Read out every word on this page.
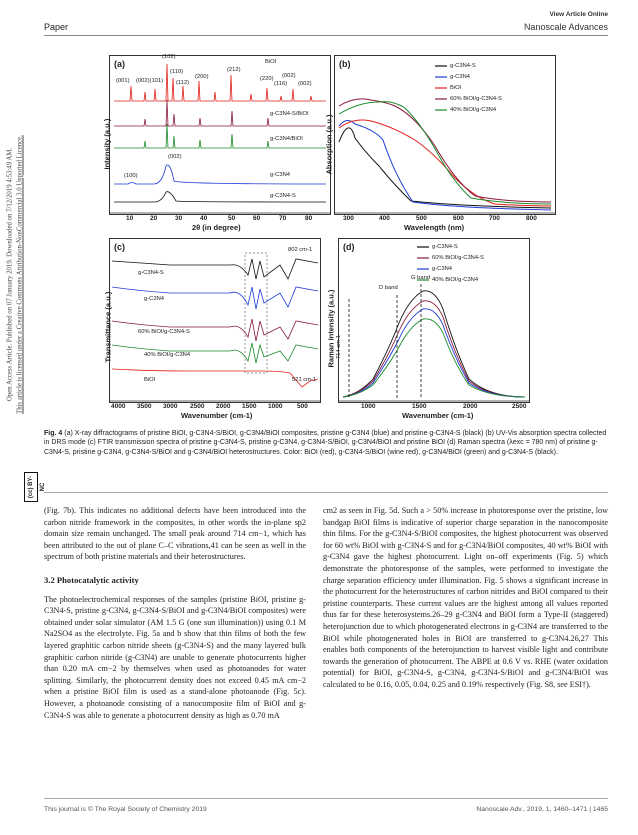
Paper
View Article Online
Nanoscale Advances
Open Access Article. Published on 07 January 2019. Downloaded on 7/12/2019 4:53:49 AM. This article is licensed under a Creative Commons Attribution-NonCommercial 3.0 Unported Licence.
(cc) BY-NC
(a)
(001) (002)(101)
(102)
(110)
(112)
(200)
(212)
(220) (002)
(116) (002)
BiOI
g-C3N4-S/BiOI
g-C3N4/BiOI
(002)
(100)	g-C3N4
g-C3N4-S
10	20	30	40	50	60	70	80
2θ (in degree)
Intensity (a.u.)
(b)	g-C3N4-S
g-C3N4
BiOI
60% BiOI/g-C3N4-S
40% BiOI/g-C3N4
300	400	500	600	700	800
Wavelength (nm)
Absorption (a.u.)
(c)
g-C3N4-S
g-C3N4
60% BiOI/g-C3N4-S
40% BiOI/g-C3N4
BiOI
802 cm-1
521 cm-1
4000 3500 3000 2500 2000 1500 1000 500
Wavenumber (cm-1)
Transmittance (a.u.)
(d)	g-C3N4-S
60% BiOI/g-C3N4-S
g-C3N4
40% BiOI/g-C3N4
D band
G band
714 cm-1
1000	1500	2000	2500
Wavenumber (cm-1)
Raman Intensity (a.u.)
Fig. 4 (a) X-ray diffractograms of pristine BiOI, g-C3N4-S/BiOI, g-C3N4/BiOI composites, pristine g-C3N4 (blue) and pristine g-C3N4-S (black) (b) UV-Vis absorption spectra collected in DRS mode (c) FTIR transmission spectra of pristine g-C3N4-S, pristine g-C3N4, g-C3N4-S/BiOI, g-C3N4/BiOI and pristine BiOI (d) Raman spectra (λexc = 780 nm) of pristine g-C3N4-S, pristine g-C3N4, g-C3N4-S/BiOI and g-C3N4/BiOI heterostructures. Color: BiOI (red), g-C3N4-S/BiOI (wine red), g-C3N4/BiOI (green) and g-C3N4-S (black).

(Fig. 7b). This indicates no additional defects have been introduced into the carbon nitride framework in the composites, in other words the in-plane sp2 domain size remain unchanged. The small peak around 714 cm−1, which has been attributed to the out of plane C–C vibrations,41 can be seen as well in the spectrum of both pristine materials and their heterostructures.

3.2 Photocatalytic activity

The photoelectrochemical responses of the samples (pristine BiOI, pristine g-C3N4-S, pristine g-C3N4, g-C3N4-S/BiOI and g-C3N4/BiOI composites) were obtained under solar simulator (AM 1.5 G (one sun illumination)) using 0.1 M Na2SO4 as the electrolyte. Fig. 5a and b show that thin films of both the few layered graphitic carbon nitride sheets (g-C3N4-S) and the many layered bulk graphitic carbon nitride (g-C3N4) are unable to generate photocurrents higher than 0.20 mA cm−2 by themselves when used as photoanodes for water splitting. Similarly, the photocurrent density does not exceed 0.45 mA cm−2 when a pristine BiOI film is used as a stand-alone photoanode (Fig. 5c). However, a photoanode consisting of a nanocomposite film of BiOI and g-C3N4-S was able to generate a photocurrent density as high as 0.70 mA

cm2 as seen in Fig. 5d. Such a > 50% increase in photoresponse over the pristine, low bandgap BiOI films is indicative of superior charge separation in the nanocomposite thin films. For the g-C3N4-S/BiOI composites, the highest photocurrent was observed for 60 wt% BiOI with g-C3N4-S and for g-C3N4/BiOI composites, 40 wt% BiOI with g-C3N4 gave the highest photocurrent. Light on–off experiments (Fig. 5) which demonstrate the photoresponse of the samples, were performed to investigate the charge separation efficiency under illumination. Fig. 5 shows a significant increase in the photocurrent for the heterostructures of carbon nitrides and BiOI compared to their pristine counterparts. These current values are the highest among all values reported thus far for these heterosystems.26–29 g-C3N4 and BiOI form a Type-II (staggered) heterojunction due to which photogenerated electrons in g-C3N4 are transferred to the BiOI while photogenerated holes in BiOI are transferred to g-C3N4.26,27 This enables both components of the heterojunction to harvest visible light and contribute towards the generation of photocurrent. The ABPE at 0.6 V vs. RHE (water oxidation potential) for BiOI, g-C3N4-S, g-C3N4, g-C3N4-S/BiOI and g-C3N4/BiOI was calculated to be 0.16, 0.05, 0.04, 0.25 and 0.19% respectively (Fig. S8, see ESI†).

This journal is © The Royal Society of Chemistry 2019	Nanoscale Adv., 2019, 1, 1460–1471 | 1465
